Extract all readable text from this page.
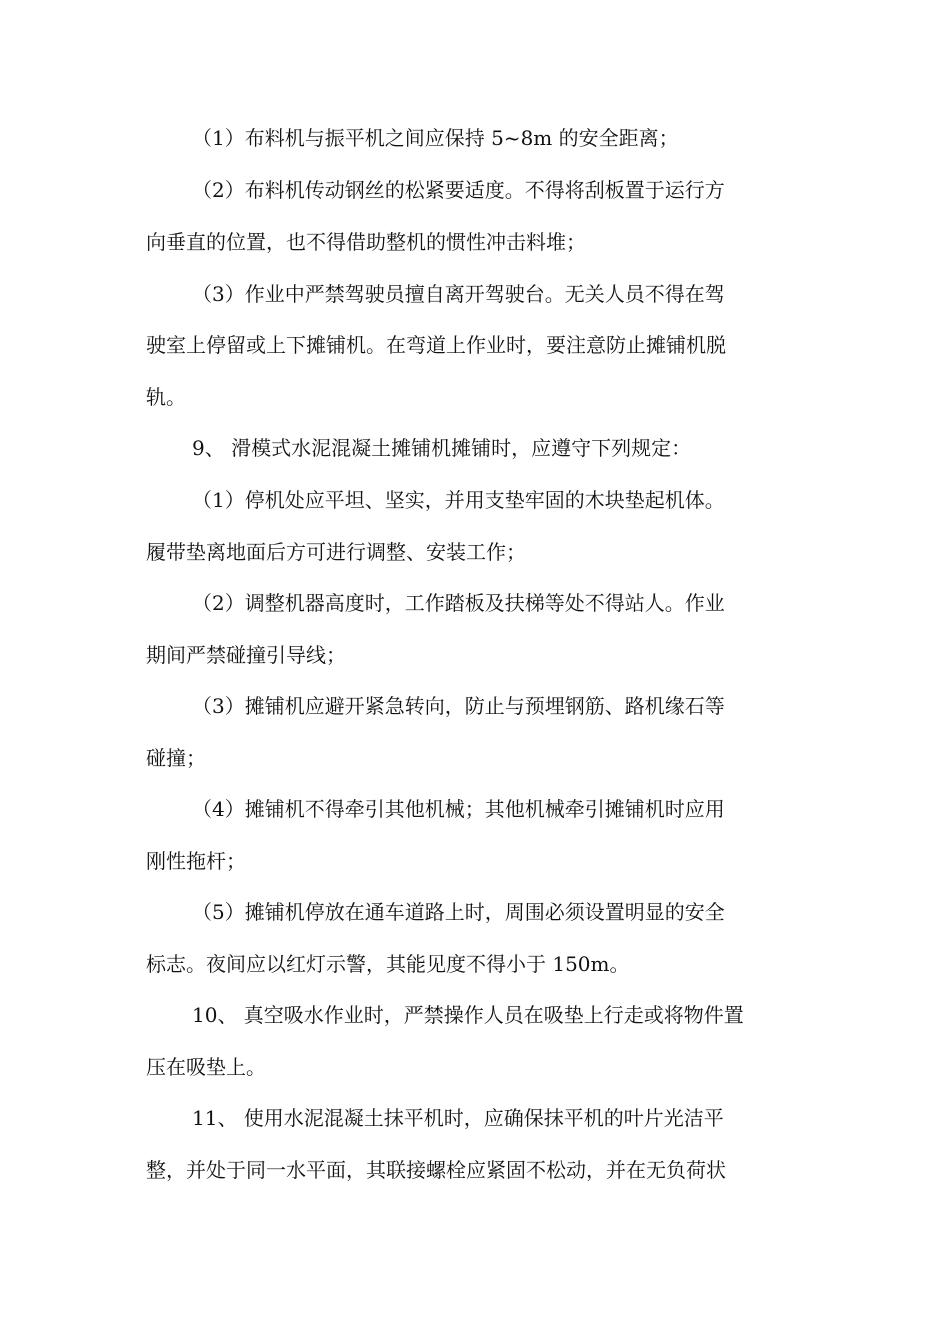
（1）布料机与振平机之间应保持 5~8m 的安全距离；

（2）布料机传动钢丝的松紧要适度。不得将刮板置于运行方

向垂直的位置，也不得借助整机的惯性冲击料堆；

（3）作业中严禁驾驶员擅自离开驾驶台。无关人员不得在驾

驶室上停留或上下摊铺机。在弯道上作业时，要注意防止摊铺机脱

轨。

9、 滑模式水泥混凝土摊铺机摊铺时，应遵守下列规定：

（1）停机处应平坦、坚实，并用支垫牢固的木块垫起机体。

履带垫离地面后方可进行调整、安装工作；

（2）调整机器高度时，工作踏板及扶梯等处不得站人。作业

期间严禁碰撞引导线；

（3）摊铺机应避开紧急转向，防止与预埋钢筋、路机缘石等

碰撞；

（4）摊铺机不得牵引其他机械；其他机械牵引摊铺机时应用

刚性拖杆；

（5）摊铺机停放在通车道路上时，周围必须设置明显的安全

标志。夜间应以红灯示警，其能见度不得小于 150m。

10、 真空吸水作业时，严禁操作人员在吸垫上行走或将物件置

压在吸垫上。

11、 使用水泥混凝土抹平机时，应确保抹平机的叶片光洁平

整，并处于同一水平面，其联接螺栓应紧固不松动，并在无负荷状
